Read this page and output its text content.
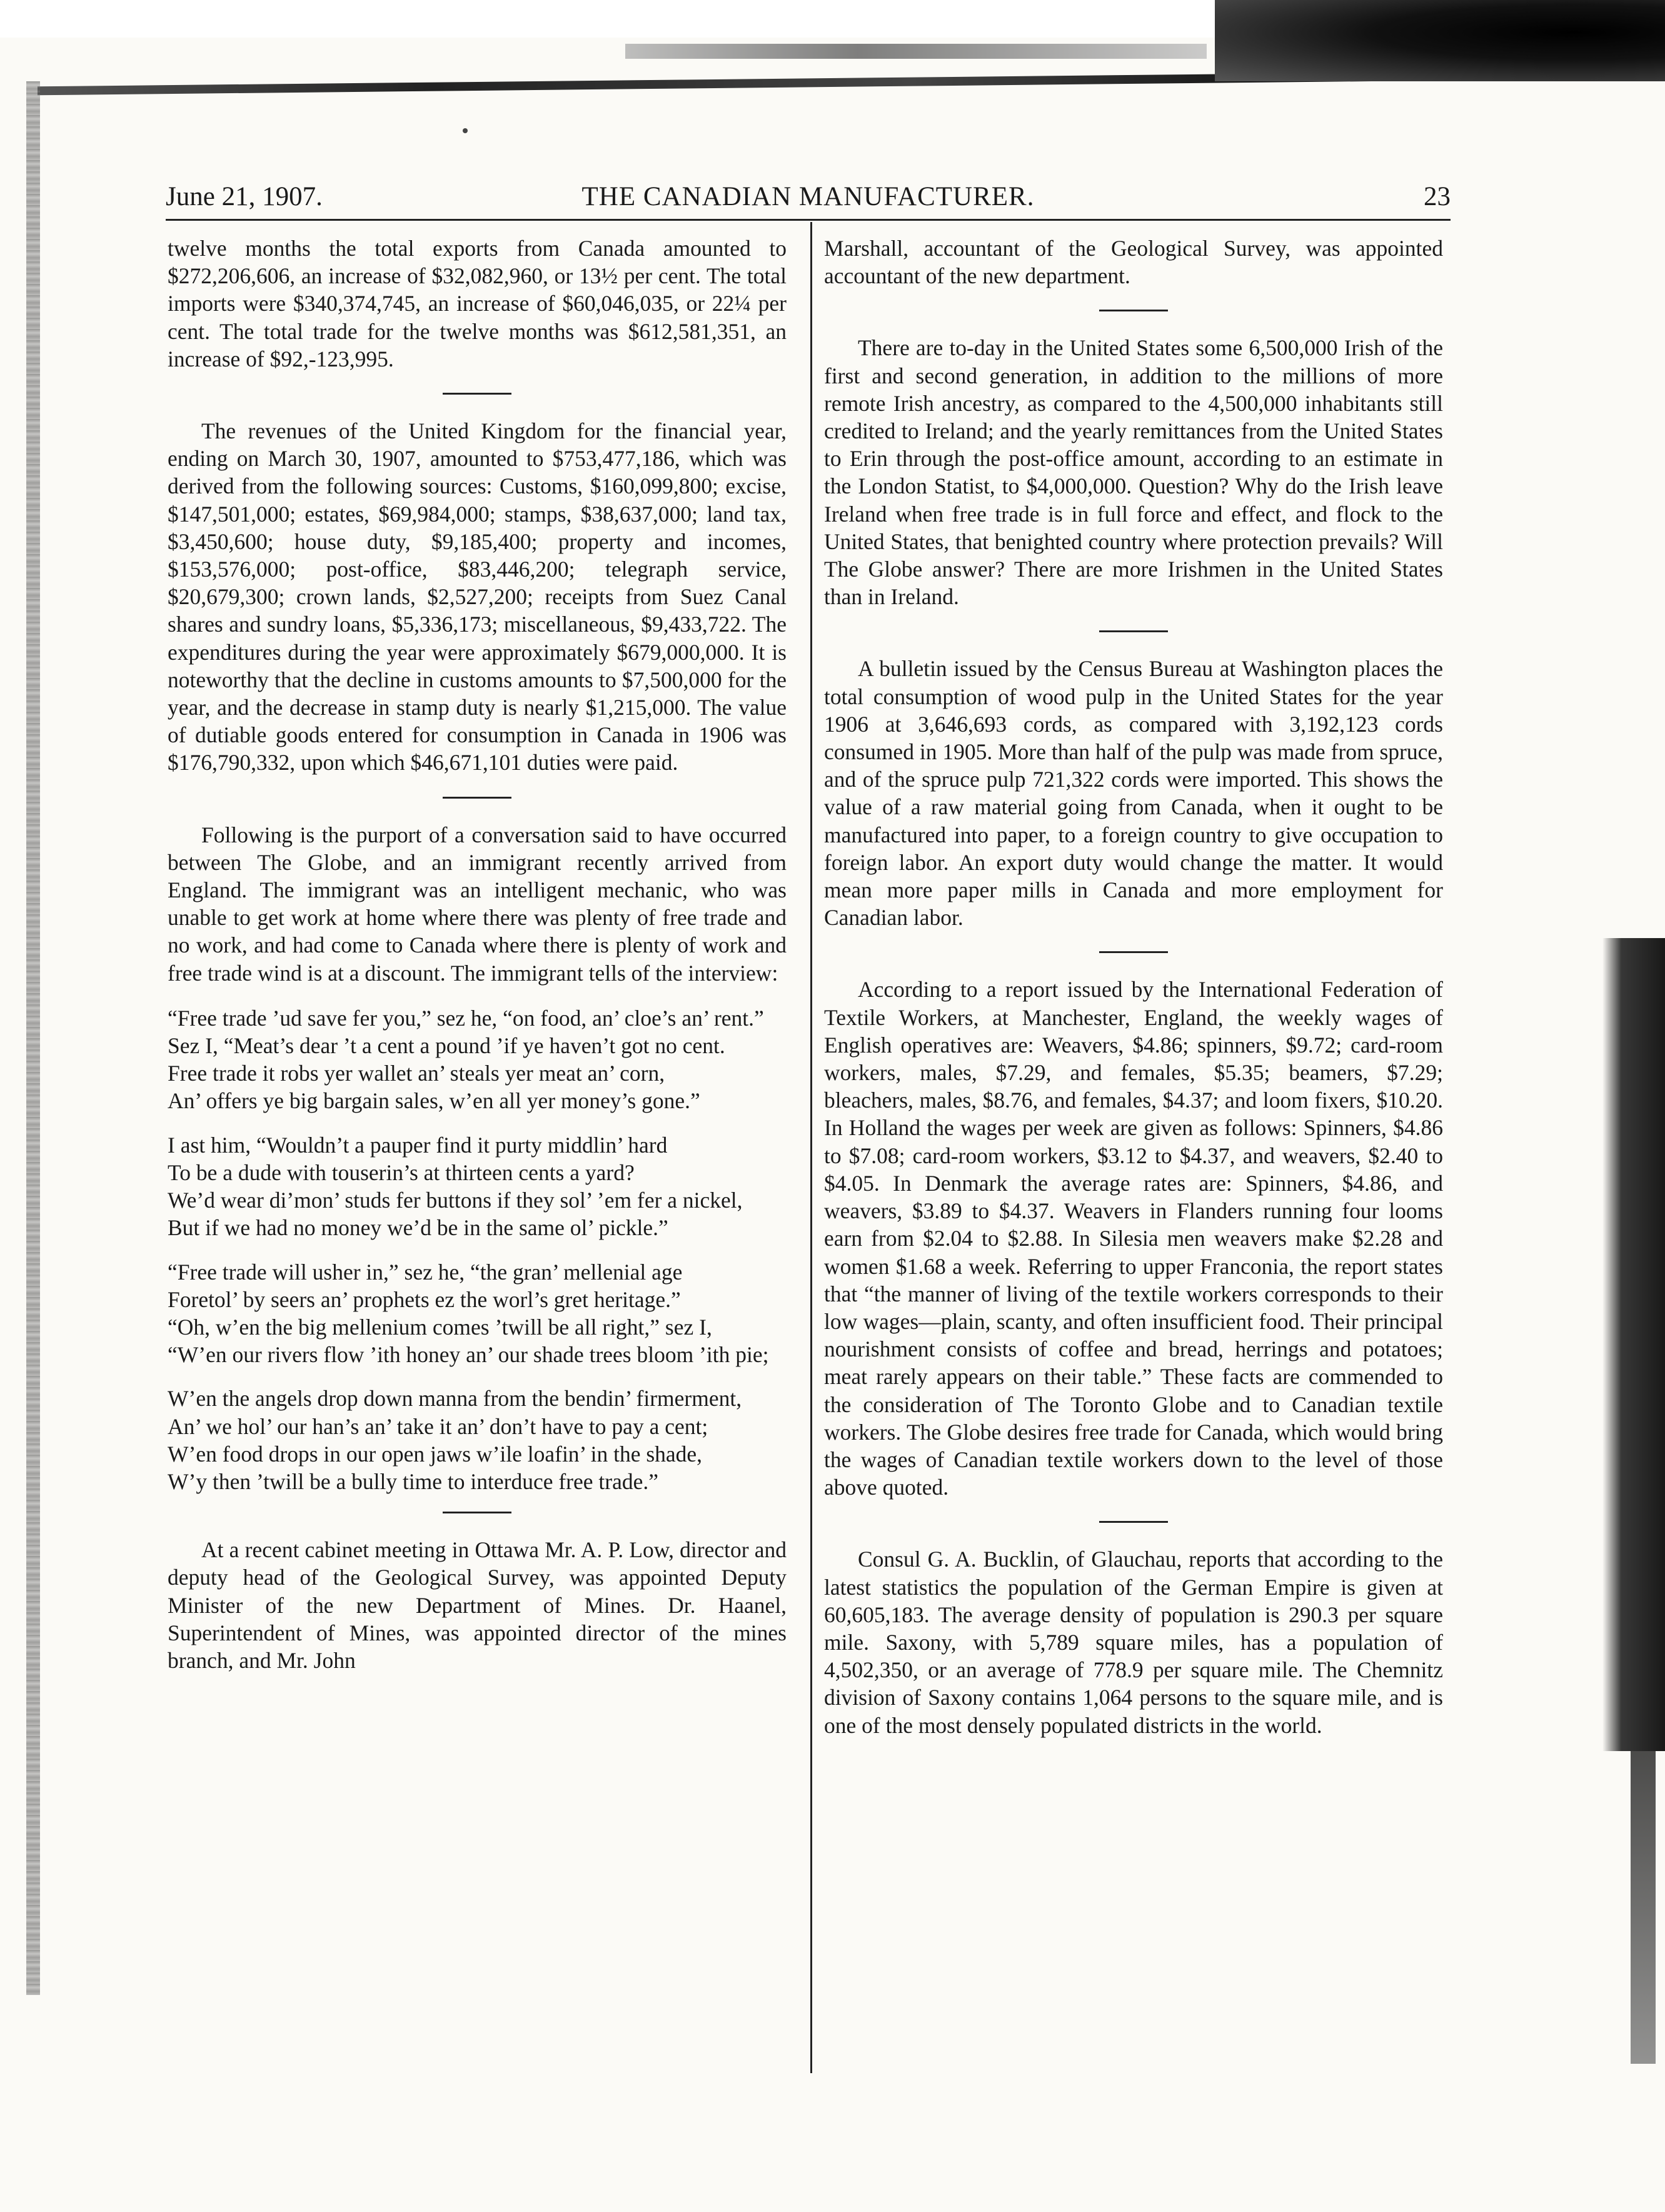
June 21, 1907.	THE CANADIAN MANUFACTURER.	23

twelve months the total exports from Canada amounted to $272,206,606, an increase of $32,082,960, or 13½ per cent. The total imports were $340,374,745, an increase of $60,046,035, or 22¼ per cent. The total trade for the twelve months was $612,581,351, an increase of $92,-123,995.

The revenues of the United Kingdom for the financial year, ending on March 30, 1907, amounted to $753,477,186, which was derived from the following sources: Customs, $160,099,800; excise, $147,501,000; estates, $69,984,000; stamps, $38,637,000; land tax, $3,450,600; house duty, $9,185,400; property and incomes, $153,576,000; post-office, $83,446,200; telegraph service, $20,679,300; crown lands, $2,527,200; receipts from Suez Canal shares and sundry loans, $5,336,173; miscellaneous, $9,433,722. The expenditures during the year were approximately $679,000,000. It is noteworthy that the decline in customs amounts to $7,500,000 for the year, and the decrease in stamp duty is nearly $1,215,000. The value of dutiable goods entered for consumption in Canada in 1906 was $176,790,332, upon which $46,671,101 duties were paid.

Following is the purport of a conversation said to have occurred between The Globe, and an immigrant recently arrived from England. The immigrant was an intelligent mechanic, who was unable to get work at home where there was plenty of free trade and no work, and had come to Canada where there is plenty of work and free trade wind is at a discount. The immigrant tells of the interview:

“Free trade ’ud save fer you,” sez he, “on food, an’ cloe’s an’ rent.”

Sez I, “Meat’s dear ’t a cent a pound ’if ye haven’t got no cent.

Free trade it robs yer wallet an’ steals yer meat an’ corn,

An’ offers ye big bargain sales, w’en all yer money’s gone.”

I ast him, “Wouldn’t a pauper find it purty middlin’ hard

To be a dude with touserin’s at thirteen cents a yard?

We’d wear di’mon’ studs fer buttons if they sol’ ’em fer a nickel,

But if we had no money we’d be in the same ol’ pickle.”

“Free trade will usher in,” sez he, “the gran’ mellenial age

Foretol’ by seers an’ prophets ez the worl’s gret heritage.”

“Oh, w’en the big mellenium comes ’twill be all right,” sez I,

“W’en our rivers flow ’ith honey an’ our shade trees bloom ’ith pie;

W’en the angels drop down manna from the bendin’ firmerment,

An’ we hol’ our han’s an’ take it an’ don’t have to pay a cent;

W’en food drops in our open jaws w’ile loafin’ in the shade,

W’y then ’twill be a bully time to interduce free trade.”

At a recent cabinet meeting in Ottawa Mr. A. P. Low, director and deputy head of the Geological Survey, was appointed Deputy Minister of the new Department of Mines. Dr. Haanel, Superintendent of Mines, was appointed director of the mines branch, and Mr. John

Marshall, accountant of the Geological Survey, was appointed accountant of the new department.

There are to-day in the United States some 6,500,000 Irish of the first and second generation, in addition to the millions of more remote Irish ancestry, as compared to the 4,500,000 inhabitants still credited to Ireland; and the yearly remittances from the United States to Erin through the post-office amount, according to an estimate in the London Statist, to $4,000,000. Question? Why do the Irish leave Ireland when free trade is in full force and effect, and flock to the United States, that benighted country where protection prevails? Will The Globe answer? There are more Irishmen in the United States than in Ireland.

A bulletin issued by the Census Bureau at Washington places the total consumption of wood pulp in the United States for the year 1906 at 3,646,693 cords, as compared with 3,192,123 cords consumed in 1905. More than half of the pulp was made from spruce, and of the spruce pulp 721,322 cords were imported. This shows the value of a raw material going from Canada, when it ought to be manufactured into paper, to a foreign country to give occupation to foreign labor. An export duty would change the matter. It would mean more paper mills in Canada and more employment for Canadian labor.

According to a report issued by the International Federation of Textile Workers, at Manchester, England, the weekly wages of English operatives are: Weavers, $4.86; spinners, $9.72; card-room workers, males, $7.29, and females, $5.35; beamers, $7.29; bleachers, males, $8.76, and females, $4.37; and loom fixers, $10.20. In Holland the wages per week are given as follows: Spinners, $4.86 to $7.08; card-room workers, $3.12 to $4.37, and weavers, $2.40 to $4.05. In Denmark the average rates are: Spinners, $4.86, and weavers, $3.89 to $4.37. Weavers in Flanders running four looms earn from $2.04 to $2.88. In Silesia men weavers make $2.28 and women $1.68 a week. Referring to upper Franconia, the report states that “the manner of living of the textile workers corresponds to their low wages—plain, scanty, and often insufficient food. Their principal nourishment consists of coffee and bread, herrings and potatoes; meat rarely appears on their table.” These facts are commended to the consideration of The Toronto Globe and to Canadian textile workers. The Globe desires free trade for Canada, which would bring the wages of Canadian textile workers down to the level of those above quoted.

Consul G. A. Bucklin, of Glauchau, reports that according to the latest statistics the population of the German Empire is given at 60,605,183. The average density of population is 290.3 per square mile. Saxony, with 5,789 square miles, has a population of 4,502,350, or an average of 778.9 per square mile. The Chemnitz division of Saxony contains 1,064 persons to the square mile, and is one of the most densely populated districts in the world.
